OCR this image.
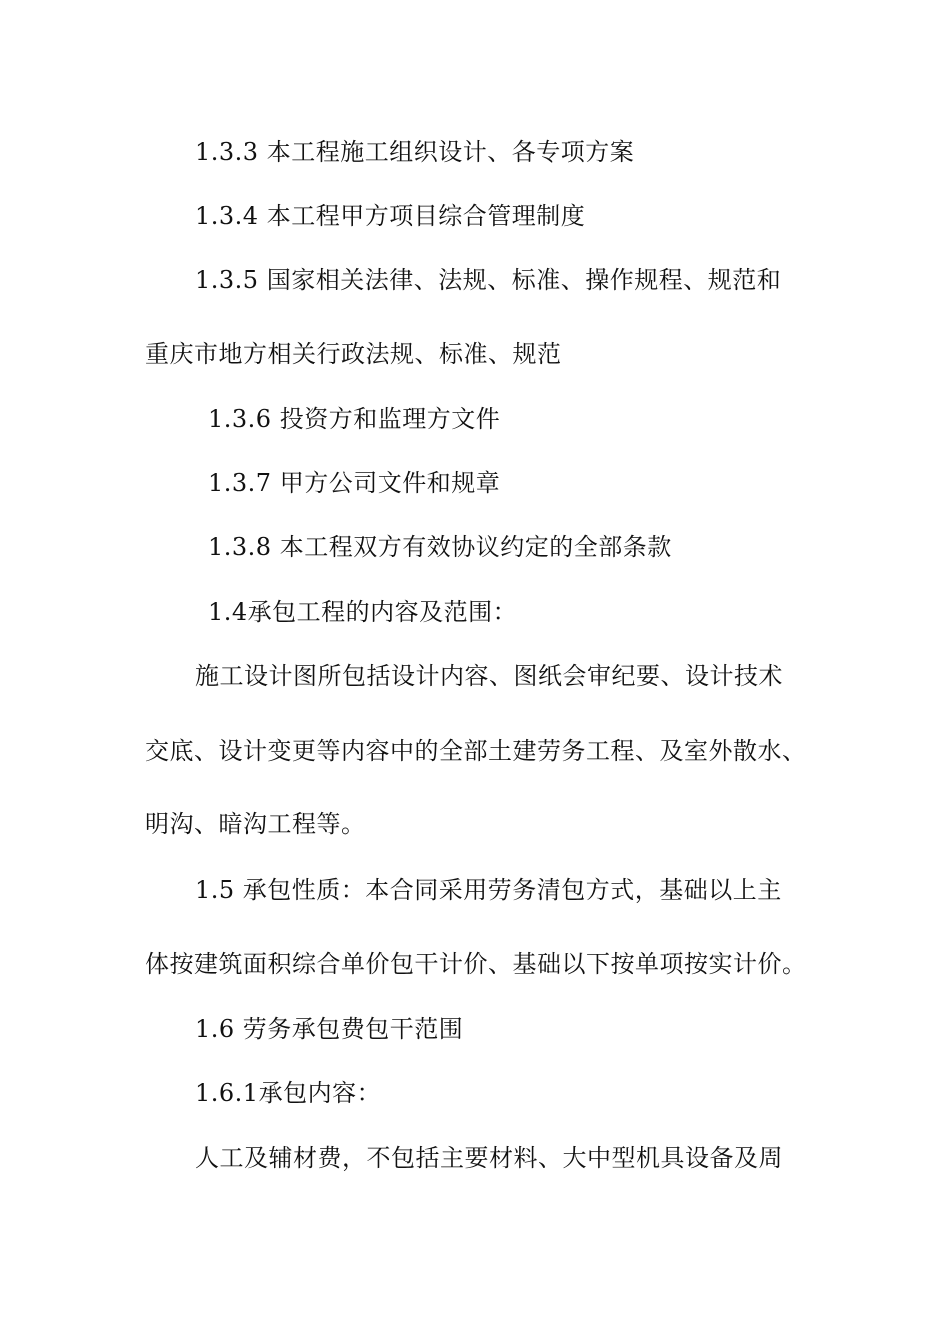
1.3.3 本工程施工组织设计、各专项方案
1.3.4 本工程甲方项目综合管理制度
1.3.5 国家相关法律、法规、标准、操作规程、规范和
重庆市地方相关行政法规、标准、规范
1.3.6 投资方和监理方文件
1.3.7 甲方公司文件和规章
1.3.8 本工程双方有效协议约定的全部条款
1.4承包工程的内容及范围：
施工设计图所包括设计内容、图纸会审纪要、设计技术
交底、设计变更等内容中的全部土建劳务工程、及室外散水、
明沟、暗沟工程等。
1.5 承包性质：本合同采用劳务清包方式，基础以上主
体按建筑面积综合单价包干计价、基础以下按单项按实计价。
1.6 劳务承包费包干范围
1.6.1承包内容：
人工及辅材费，不包括主要材料、大中型机具设备及周
